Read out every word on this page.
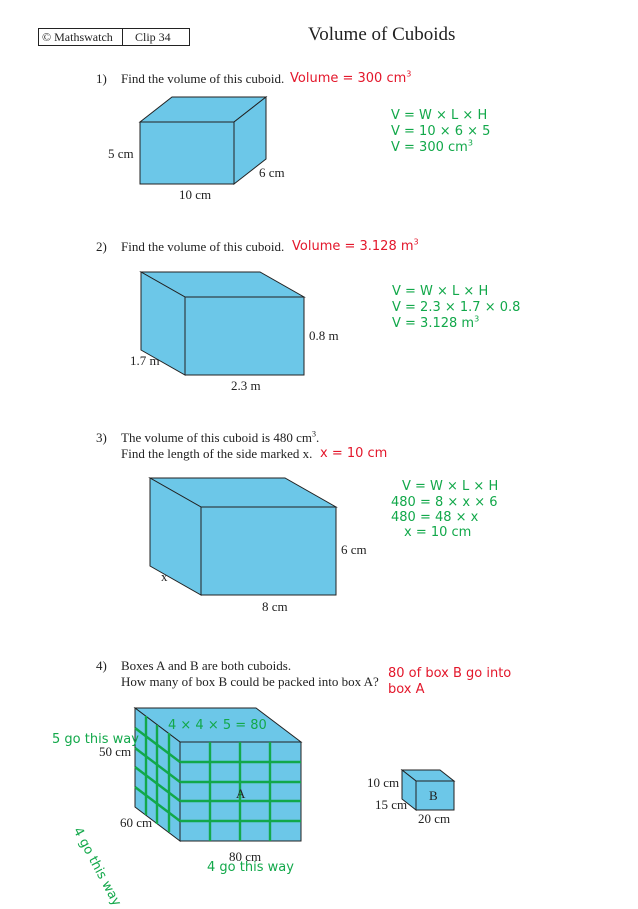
© Mathswatch	Clip 34	Volume of Cuboids
1) Find the volume of this cuboid. Volume = 300 $cm^3$
5 cm
6 cm
10 cm
V = W × L × H
V = 10 × 6 × 5
V = 300 $cm^3$
2) Find the volume of this cuboid. Volume = 3.128 $m^3$
0.8 m
1.7 m
2.3 m
V = W × L × H
V = 2.3 × 1.7 × 0.8
V = 3.128 $m^3$
3) The volume of this cuboid is 480 $cm^3$.
Find the length of the side marked x. x = 10 cm
6 cm
x
8 cm
V = W × L × H
480 = 8 × x × 6
480 = 48 × x
x = 10 cm
4) Boxes A and B are both cuboids.
How many of box B could be packed into box A?
80 of box B go into
box A
4 × 4 × 5 = 80
5 go this way
50 cm
A
60 cm
4 go this way	80 cm
4 go this way
10 cm
B
15 cm
20 cm
